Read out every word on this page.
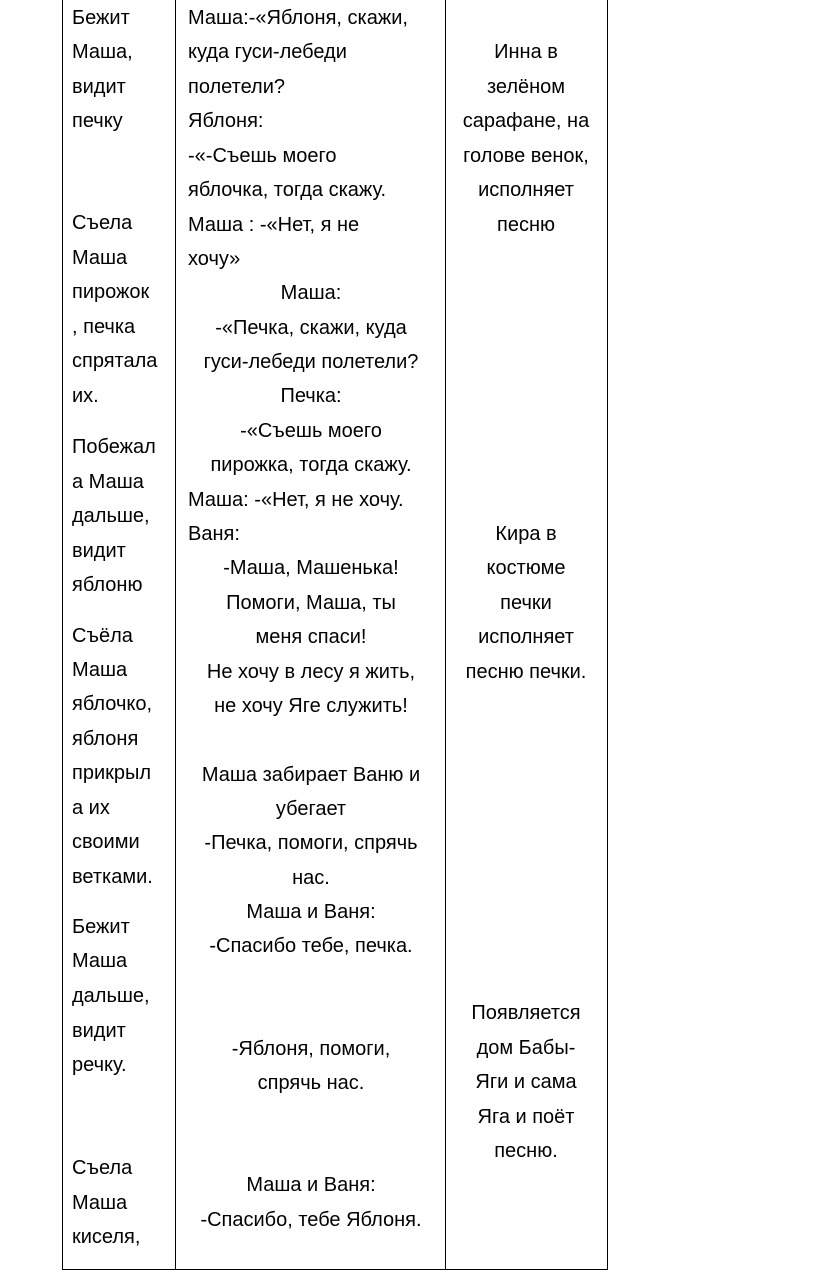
Бежит
Маша,
видит
печку
Съела
Маша
пирожок
, печка
спрятала
их.
Побежал
а Маша
дальше,
видит
яблоню
Съёла
Маша
яблочко,
яблоня
прикрыл
а их
своими
ветками.
Бежит
Маша
дальше,
видит
речку.
Съела
Маша
киселя,
Маша:-«Яблоня, скажи,
куда гуси-лебеди
полетели?
Яблоня:
-«-Съешь моего
яблочка, тогда скажу.
Маша : -«Нет, я не
хочу»
Маша:
-«Печка, скажи, куда
гуси-лебеди полетели?
Печка:
-«Съешь моего
пирожка, тогда скажу.
Маша: -«Нет, я не хочу.
Ваня:
-Маша, Машенька!
Помоги, Маша, ты
меня спаси!
Не хочу в лесу я жить,
не хочу Яге служить!
Маша забирает Ваню и
убегает
-Печка, помоги, спрячь
нас.
Маша и Ваня:
-Спасибо тебе, печка.
-Яблоня, помоги,
спрячь нас.
Маша и Ваня:
-Спасибо, тебе Яблоня.
Инна в
зелёном
сарафане, на
голове венок,
исполняет
песню
Кира в
костюме
печки
исполняет
песню печки.
Появляется
дом Бабы-
Яги и сама
Яга и поёт
песню.
